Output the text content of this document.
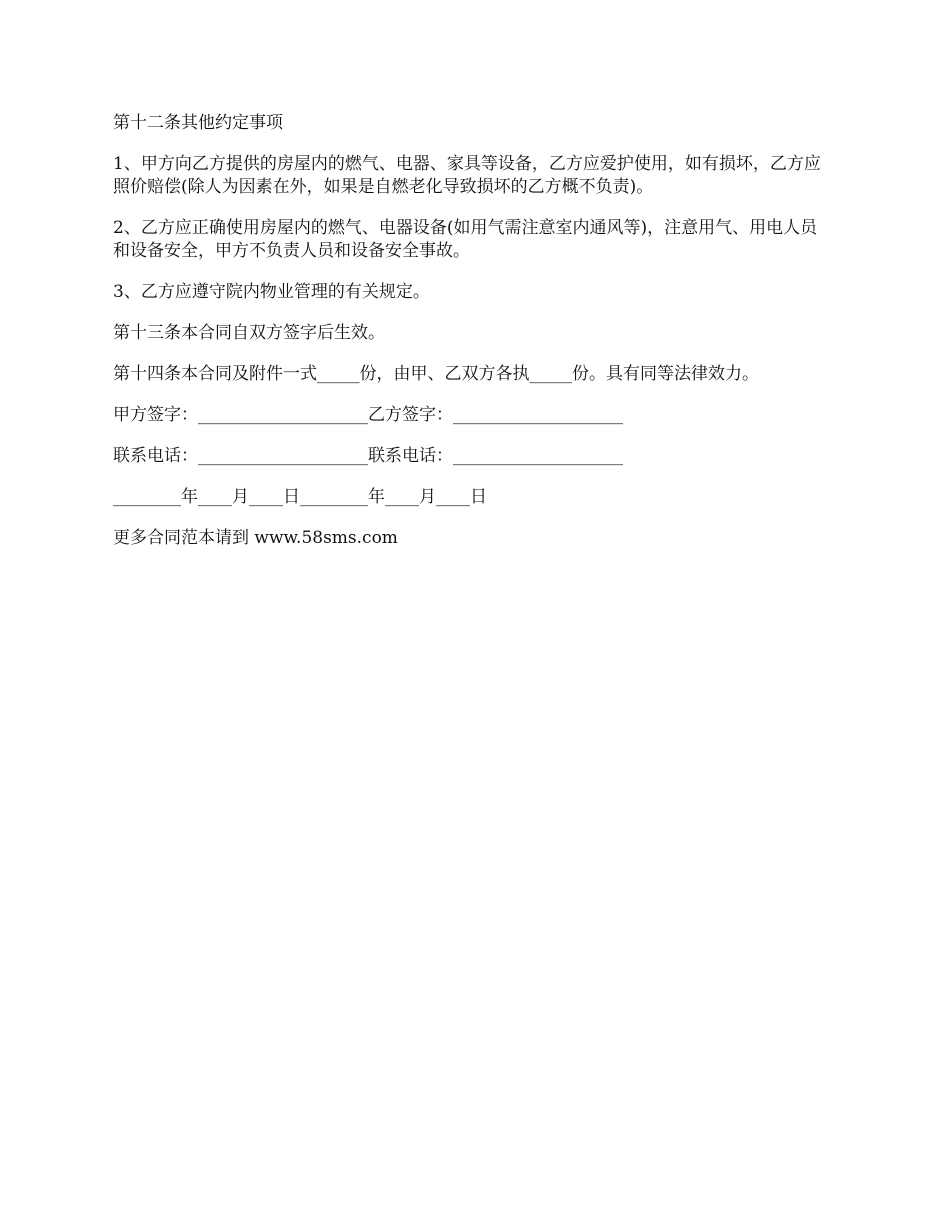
第十二条其他约定事项

1、甲方向乙方提供的房屋内的燃气、电器、家具等设备，乙方应爱护使用，如有损坏，乙方应照价赔偿(除人为因素在外，如果是自燃老化导致损坏的乙方概不负责)。

2、乙方应正确使用房屋内的燃气、电器设备(如用气需注意室内通风等)，注意用气、用电人员和设备安全，甲方不负责人员和设备安全事故。

3、乙方应遵守院内物业管理的有关规定。

第十三条本合同自双方签字后生效。

第十四条本合同及附件一式_____份，由甲、乙双方各执_____份。具有同等法律效力。

甲方签字：____________________乙方签字：____________________

联系电话：____________________联系电话：____________________

________年____月____日________年____月____日

更多合同范本请到 www.58sms.com
